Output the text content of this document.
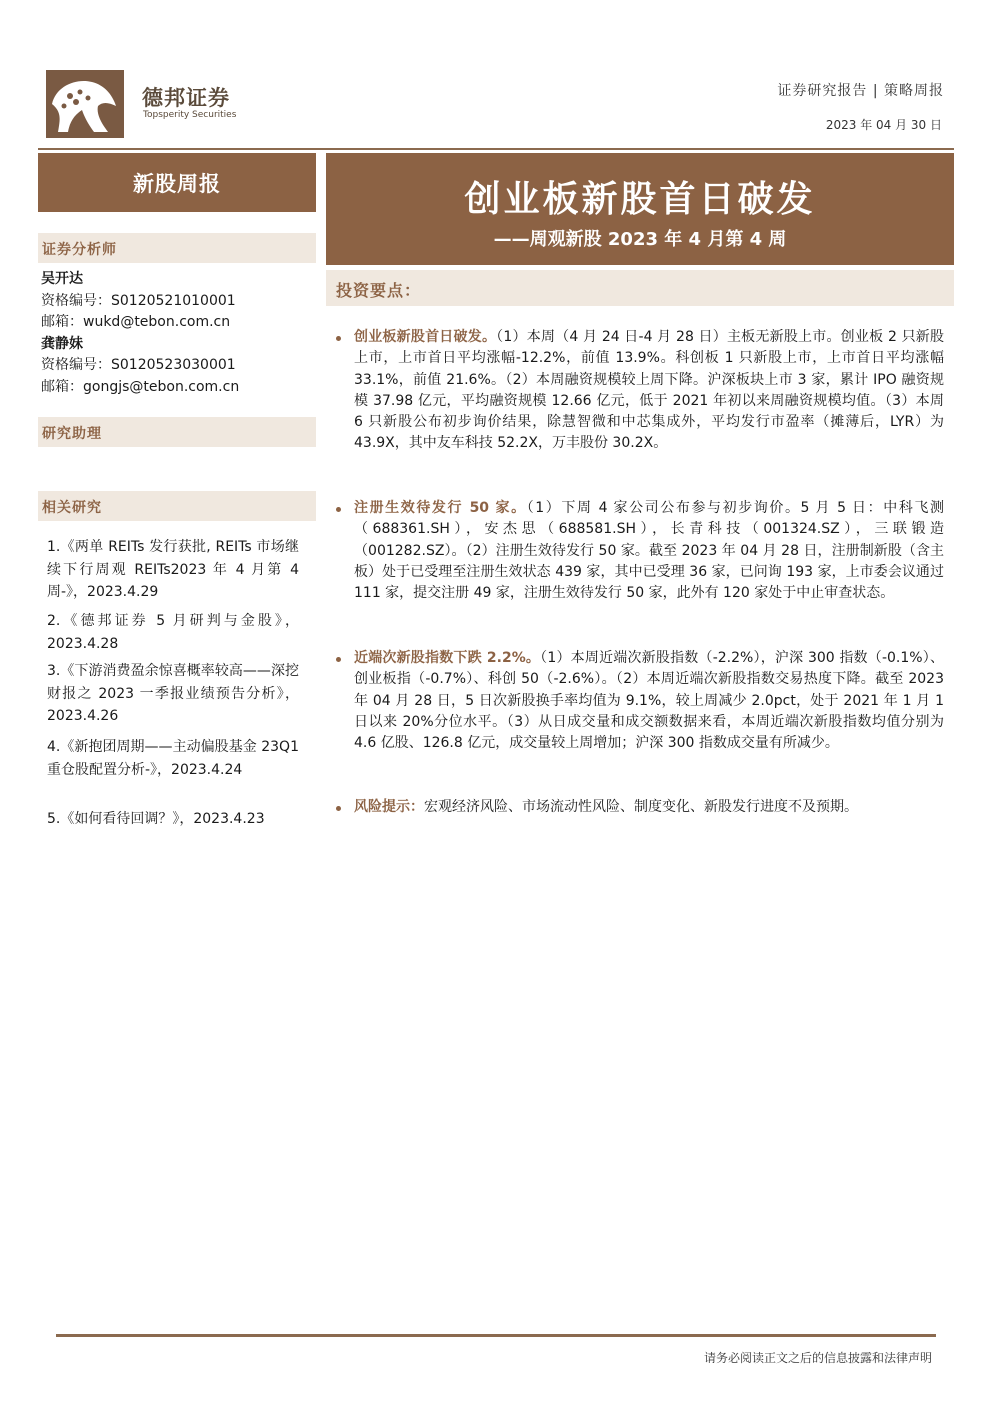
德邦证券
Topsperity Securities
证券研究报告 | 策略周报
2023 年 04 月 30 日
新股周报
证券分析师
吴开达
资格编号：S0120521010001
邮箱：wukd@tebon.com.cn
龚静妹
资格编号：S0120523030001
邮箱：gongjs@tebon.com.cn
研究助理
相关研究
1.《两单 REITs 发行获批, REITs 市场继续下行周观 REITs2023 年 4 月第 4 周-》，2023.4.29
2.《德邦证券 5 月研判与金股》，2023.4.28
3.《下游消费盈余惊喜概率较高——深挖财报之 2023 一季报业绩预告分析》，2023.4.26
4.《新抱团周期——主动偏股基金 23Q1 重仓股配置分析-》，2023.4.24
5.《如何看待回调？》，2023.4.23
创业板新股首日破发
——周观新股 2023 年 4 月第 4 周
投资要点：
创业板新股首日破发。（1）本周（4 月 24 日-4 月 28 日）主板无新股上市。创业板 2 只新股上市，上市首日平均涨幅-12.2%，前值 13.9%。科创板 1 只新股上市，上市首日平均涨幅 33.1%，前值 21.6%。（2）本周融资规模较上周下降。沪深板块上市 3 家，累计 IPO 融资规模 37.98 亿元，平均融资规模 12.66 亿元，低于 2021 年初以来周融资规模均值。（3）本周 6 只新股公布初步询价结果，除慧智微和中芯集成外，平均发行市盈率（摊薄后，LYR）为 43.9X，其中友车科技 52.2X，万丰股份 30.2X。
注册生效待发行 50 家。（1）下周 4 家公司公布参与初步询价。5 月 5 日：中科飞测（688361.SH），安杰思（688581.SH），长青科技（001324.SZ），三联锻造（001282.SZ）。（2）注册生效待发行 50 家。截至 2023 年 04 月 28 日，注册制新股（含主板）处于已受理至注册生效状态 439 家，其中已受理 36 家，已问询 193 家，上市委会议通过 111 家，提交注册 49 家，注册生效待发行 50 家，此外有 120 家处于中止审查状态。
近端次新股指数下跌 2.2%。（1）本周近端次新股指数（-2.2%），沪深 300 指数（-0.1%）、创业板指（-0.7%）、科创 50（-2.6%）。（2）本周近端次新股指数交易热度下降。截至 2023 年 04 月 28 日，5 日次新股换手率均值为 9.1%，较上周减少 2.0pct，处于 2021 年 1 月 1 日以来 20%分位水平。（3）从日成交量和成交额数据来看，本周近端次新股指数均值分别为 4.6 亿股、126.8 亿元，成交量较上周增加；沪深 300 指数成交量有所减少。
风险提示：宏观经济风险、市场流动性风险、制度变化、新股发行进度不及预期。
请务必阅读正文之后的信息披露和法律声明
